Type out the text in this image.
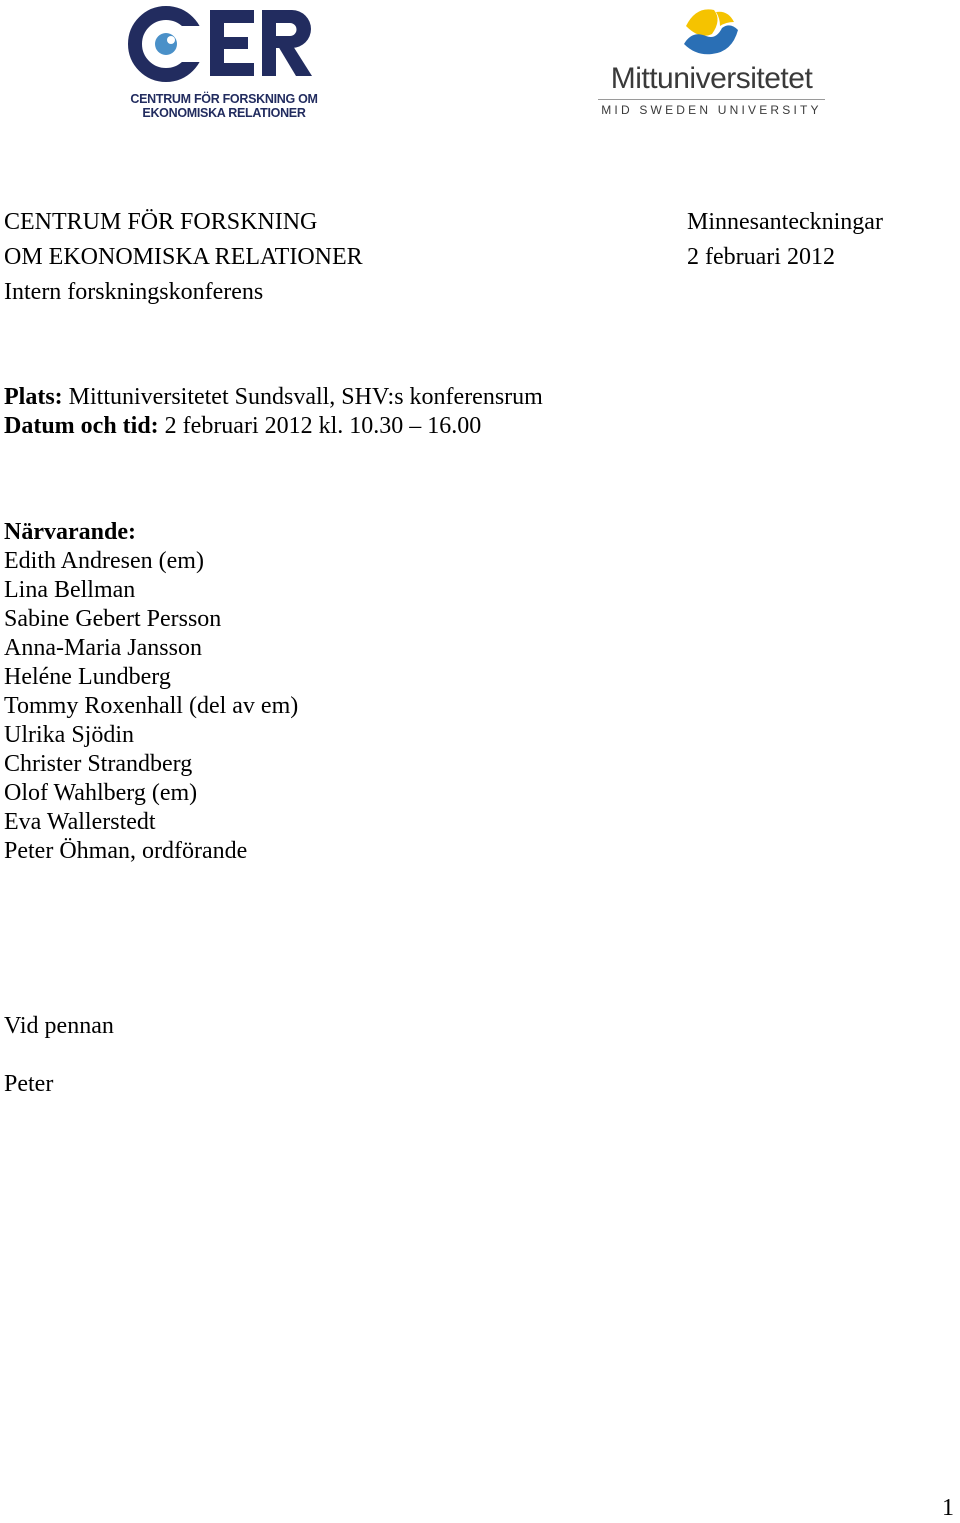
CENTRUM FÖR FORSKNING OM
EKONOMISKA RELATIONER
Mittuniversitetet
MID SWEDEN UNIVERSITY
CENTRUM FÖR FORSKNING
OM EKONOMISKA RELATIONER
Intern forskningskonferens
Minnesanteckningar
2 februari 2012
Plats: Mittuniversitetet Sundsvall, SHV:s konferensrum
Datum och tid: 2 februari 2012 kl. 10.30 – 16.00
Närvarande:
Edith Andresen (em)
Lina Bellman
Sabine Gebert Persson
Anna-Maria Jansson
Heléne Lundberg
Tommy Roxenhall (del av em)
Ulrika Sjödin
Christer Strandberg
Olof Wahlberg (em)
Eva Wallerstedt
Peter Öhman, ordförande
Vid pennan
Peter
1
